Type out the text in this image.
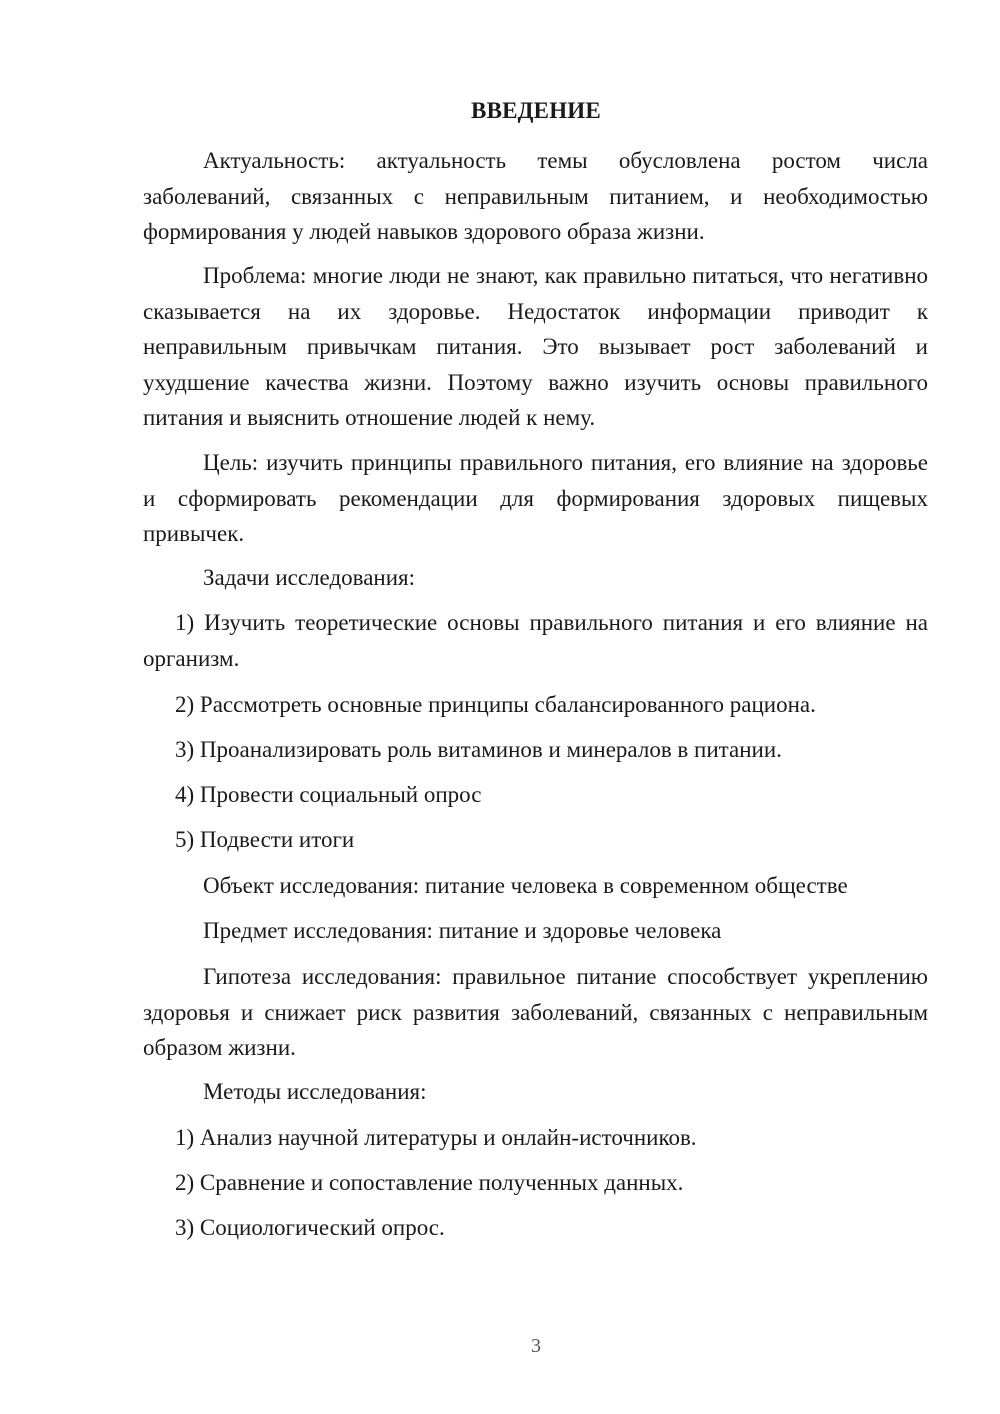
ВВЕДЕНИЕ

Актуальность: актуальность темы обусловлена ростом числа заболеваний, связанных с неправильным питанием, и необходимостью формирования у людей навыков здорового образа жизни.

Проблема: многие люди не знают, как правильно питаться, что негативно сказывается на их здоровье. Недостаток информации приводит к неправильным привычкам питания. Это вызывает рост заболеваний и ухудшение качества жизни. Поэтому важно изучить основы правильного питания и выяснить отношение людей к нему.

Цель: изучить принципы правильного питания, его влияние на здоровье и сформировать рекомендации для формирования здоровых пищевых привычек.

Задачи исследования:

1) Изучить теоретические основы правильного питания и его влияние на организм.

2) Рассмотреть основные принципы сбалансированного рациона.

3) Проанализировать роль витаминов и минералов в питании.

4) Провести социальный опрос

5) Подвести итоги

Объект исследования: питание человека в современном обществе

Предмет исследования: питание и здоровье человека

Гипотеза исследования: правильное питание способствует укреплению здоровья и снижает риск развития заболеваний, связанных с неправильным образом жизни.

Методы исследования:

1) Анализ научной литературы и онлайн-источников.

2) Сравнение и сопоставление полученных данных.

3) Социологический опрос.

3
